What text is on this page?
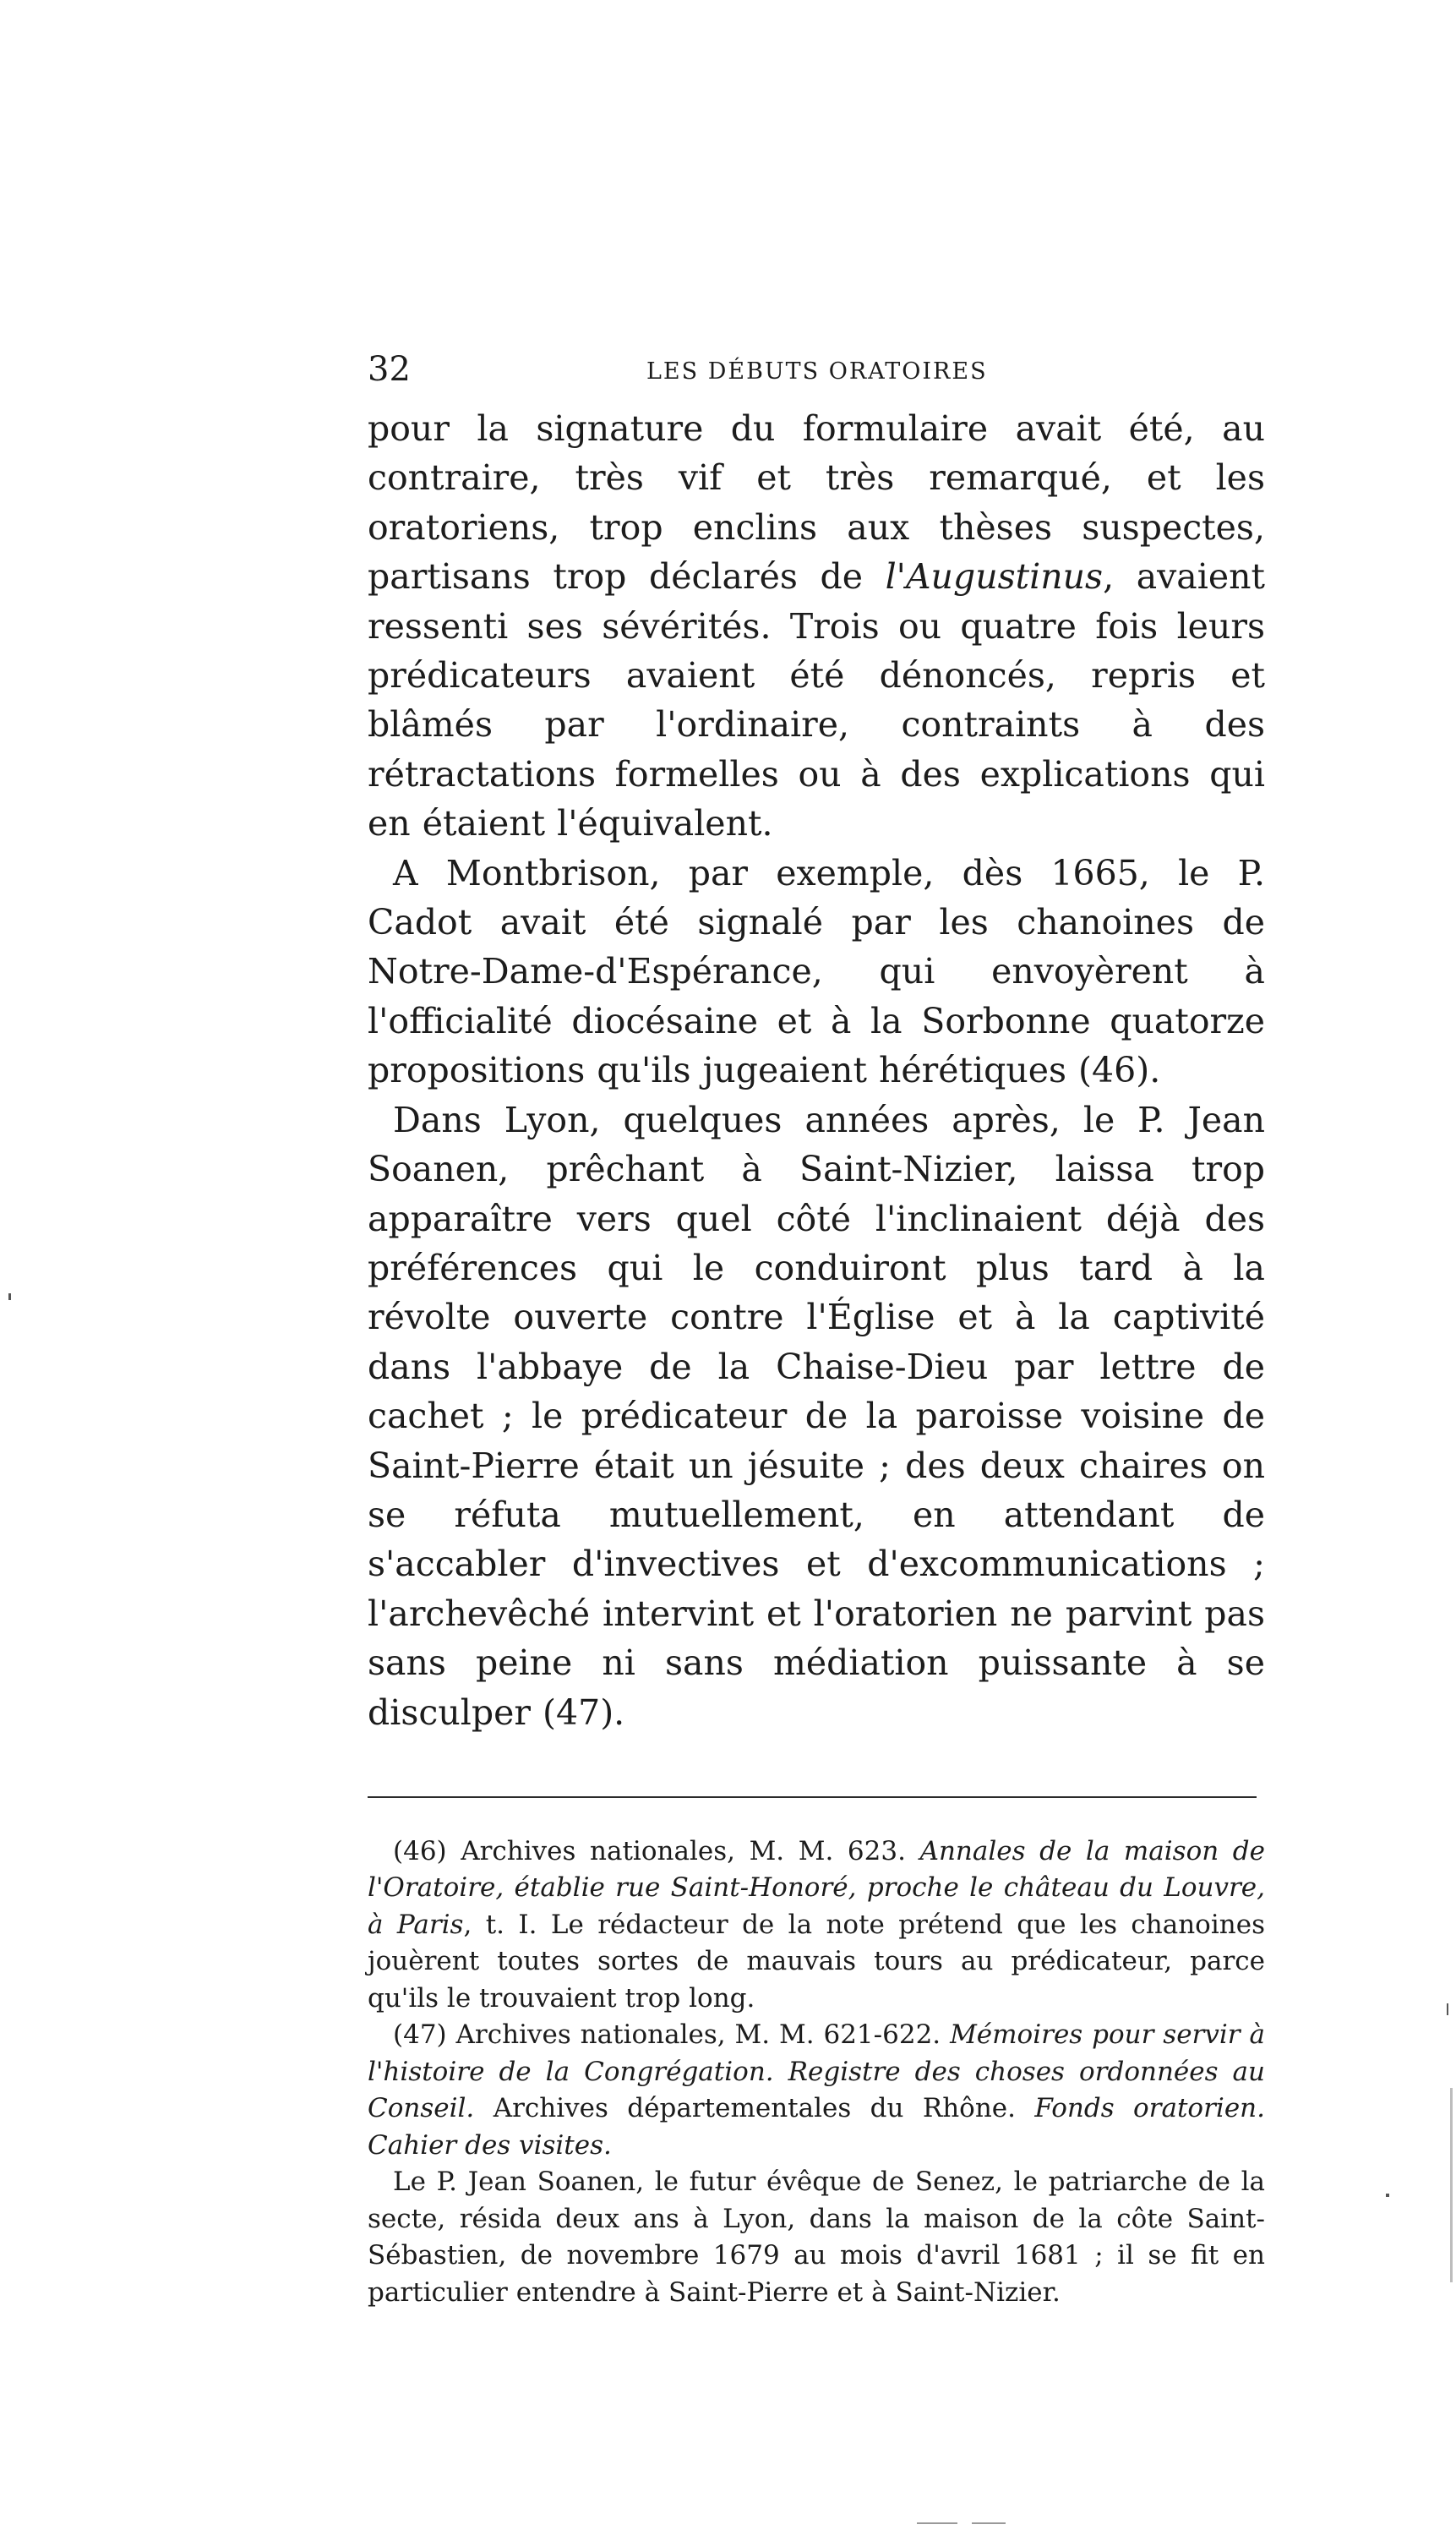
32	LES DÉBUTS ORATOIRES

pour la signature du formulaire avait été, au contraire, très vif et très remarqué, et les oratoriens, trop enclins aux thèses suspectes, partisans trop déclarés de l'Augustinus, avaient ressenti ses sévérités. Trois ou quatre fois leurs prédicateurs avaient été dénoncés, repris et blâmés par l'ordinaire, contraints à des rétractations formelles ou à des explications qui en étaient l'équivalent.

A Montbrison, par exemple, dès 1665, le P. Cadot avait été signalé par les chanoines de Notre-Dame-d'Espérance, qui envoyèrent à l'officialité diocésaine et à la Sorbonne quatorze propositions qu'ils jugeaient hérétiques (46).

Dans Lyon, quelques années après, le P. Jean Soanen, prêchant à Saint-Nizier, laissa trop apparaître vers quel côté l'inclinaient déjà des préférences qui le conduiront plus tard à la révolte ouverte contre l'Église et à la captivité dans l'abbaye de la Chaise-Dieu par lettre de cachet ; le prédicateur de la paroisse voisine de Saint-Pierre était un jésuite ; des deux chaires on se réfuta mutuellement, en attendant de s'accabler d'invectives et d'excommunications ; l'archevêché intervint et l'oratorien ne parvint pas sans peine ni sans médiation puissante à se disculper (47).

(46) Archives nationales, M. M. 623. Annales de la maison de l'Oratoire, établie rue Saint-Honoré, proche le château du Louvre, à Paris, t. I. Le rédacteur de la note prétend que les chanoines jouèrent toutes sortes de mauvais tours au prédicateur, parce qu'ils le trouvaient trop long.

(47) Archives nationales, M. M. 621-622. Mémoires pour servir à l'histoire de la Congrégation. Registre des choses ordonnées au Conseil. Archives départementales du Rhône. Fonds oratorien. Cahier des visites.

Le P. Jean Soanen, le futur évêque de Senez, le patriarche de la secte, résida deux ans à Lyon, dans la maison de la côte Saint-Sébastien, de novembre 1679 au mois d'avril 1681 ; il se fit en particulier entendre à Saint-Pierre et à Saint-Nizier.
